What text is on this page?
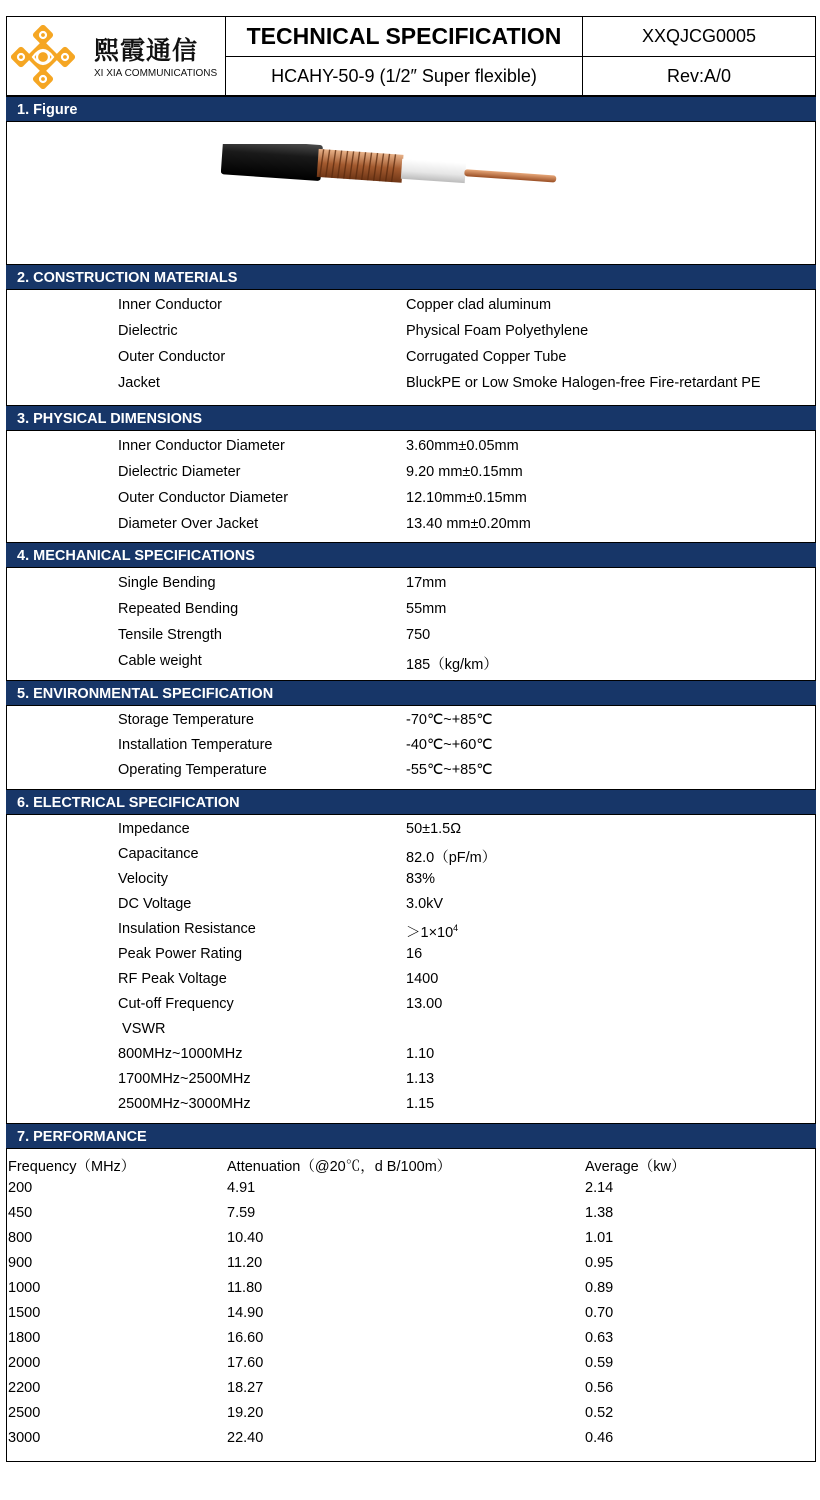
熙霞通信
XI XIA COMMUNICATIONS
TECHNICAL SPECIFICATION
HCAHY-50-9 (1/2″ Super flexible)
XXQJCG0005
Rev:A/0
1. Figure
2. CONSTRUCTION MATERIALS
Inner Conductor	Copper clad aluminum
Dielectric	Physical Foam Polyethylene
Outer Conductor	Corrugated Copper Tube
Jacket	BluckPE or Low Smoke Halogen-free Fire-retardant PE
3. PHYSICAL DIMENSIONS
Inner Conductor Diameter	3.60mm±0.05mm
Dielectric Diameter	9.20 mm±0.15mm
Outer Conductor Diameter	12.10mm±0.15mm
Diameter Over Jacket	13.40 mm±0.20mm
4. MECHANICAL SPECIFICATIONS
Single Bending	17mm
Repeated Bending	55mm
Tensile Strength	750
Cable weight	185（kg/km）
5. ENVIRONMENTAL SPECIFICATION
Storage Temperature	-70℃~+85℃
Installation Temperature	-40℃~+60℃
Operating Temperature	-55℃~+85℃
6. ELECTRICAL SPECIFICATION
Impedance	50±1.5Ω
Capacitance	82.0（pF/m）
Velocity	83%
DC Voltage	3.0kV
Insulation Resistance	$>1\times 10^4$
Peak Power Rating	16
RF Peak Voltage	1400
Cut-off Frequency	13.00
VSWR
800MHz~1000MHz	1.10
1700MHz~2500MHz	1.13
2500MHz~3000MHz	1.15
7. PERFORMANCE
Frequency（MHz）	Attenuation（@20℃，d B/100m）	Average（kw）
200	4.91	2.14
450	7.59	1.38
800	10.40	1.01
900	11.20	0.95
1000	11.80	0.89
1500	14.90	0.70
1800	16.60	0.63
2000	17.60	0.59
2200	18.27	0.56
2500	19.20	0.52
3000	22.40	0.46
